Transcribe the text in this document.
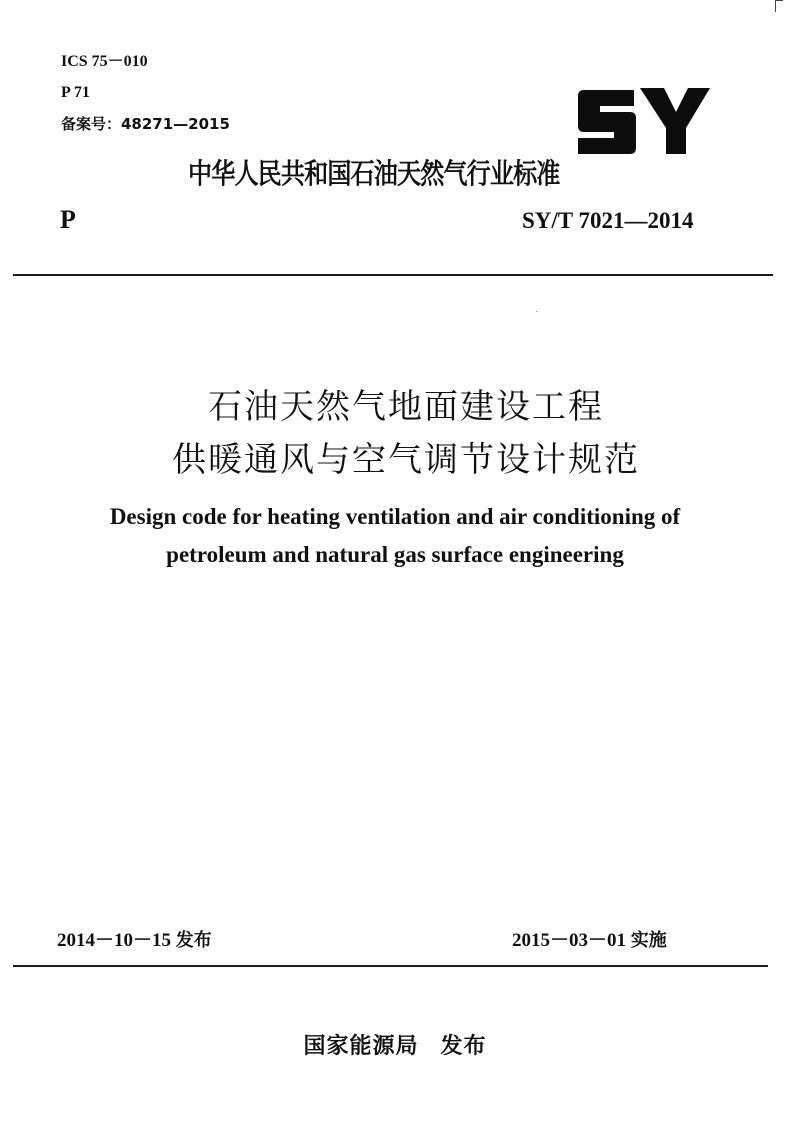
ICS 75－010
P 71
备案号：48271—2015
中华人民共和国石油天然气行业标准
P	SY/T 7021—2014
石油天然气地面建设工程
供暖通风与空气调节设计规范
Design code for heating ventilation and air conditioning of
petroleum and natural gas surface engineering
2014－10－15 发布	2015－03－01 实施
国家能源局 发布
